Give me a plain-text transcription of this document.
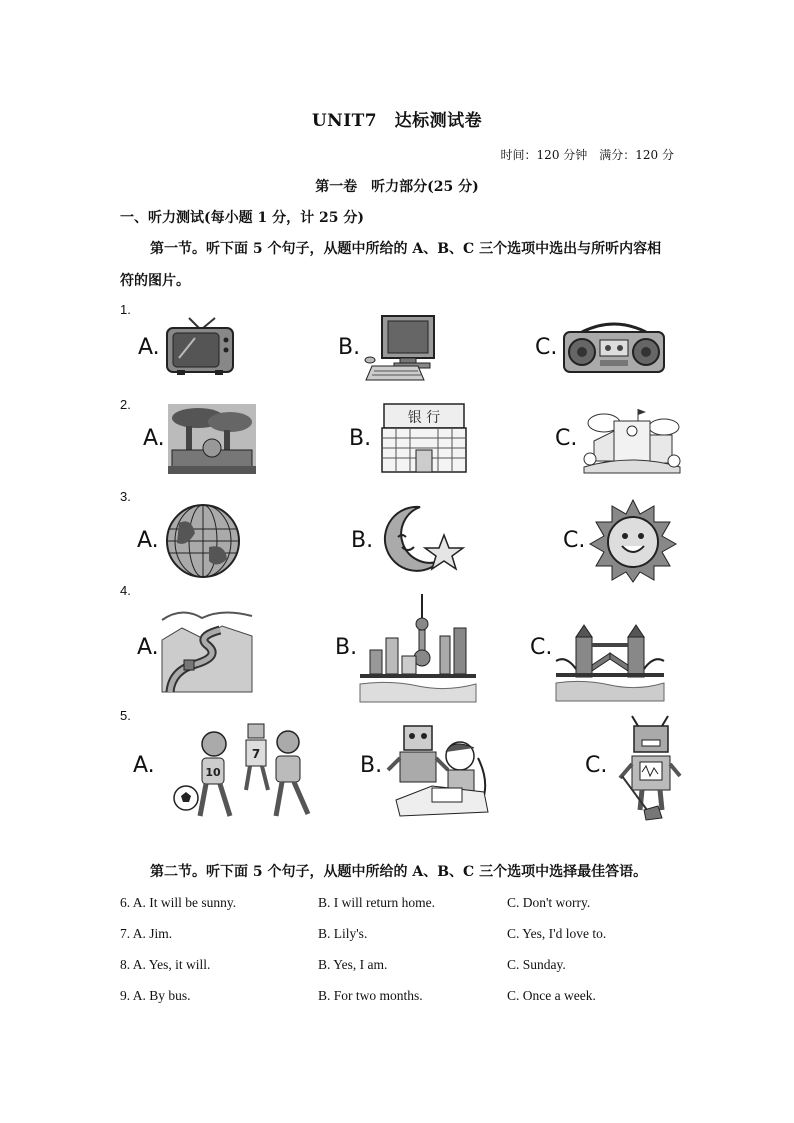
UNIT7　达标测试卷
时间：120 分钟　满分：120 分
第一卷　听力部分(25 分)
一、听力测试(每小题 1 分，计 25 分)
第一节。听下面 5 个句子，从题中所给的 A、B、C 三个选项中选出与所听内容相
符的图片。
1.
A.	B.	C.
2.
A.	B.
银 行
C.
3.
A.	B.	C.
4.
A.	B.	C.
5.
A.	10
7	B.	C.
第二节。听下面 5 个句子，从题中所给的 A、B、C 三个选项中选择最佳答语。
6. A. It will be sunny.	B. I will return home.	C. Don't worry.
7. A. Jim.	B. Lily's.	C. Yes, I'd love to.
8. A. Yes, it will.	B. Yes, I am.	C. Sunday.
9. A. By bus.	B. For two months.	C. Once a week.
